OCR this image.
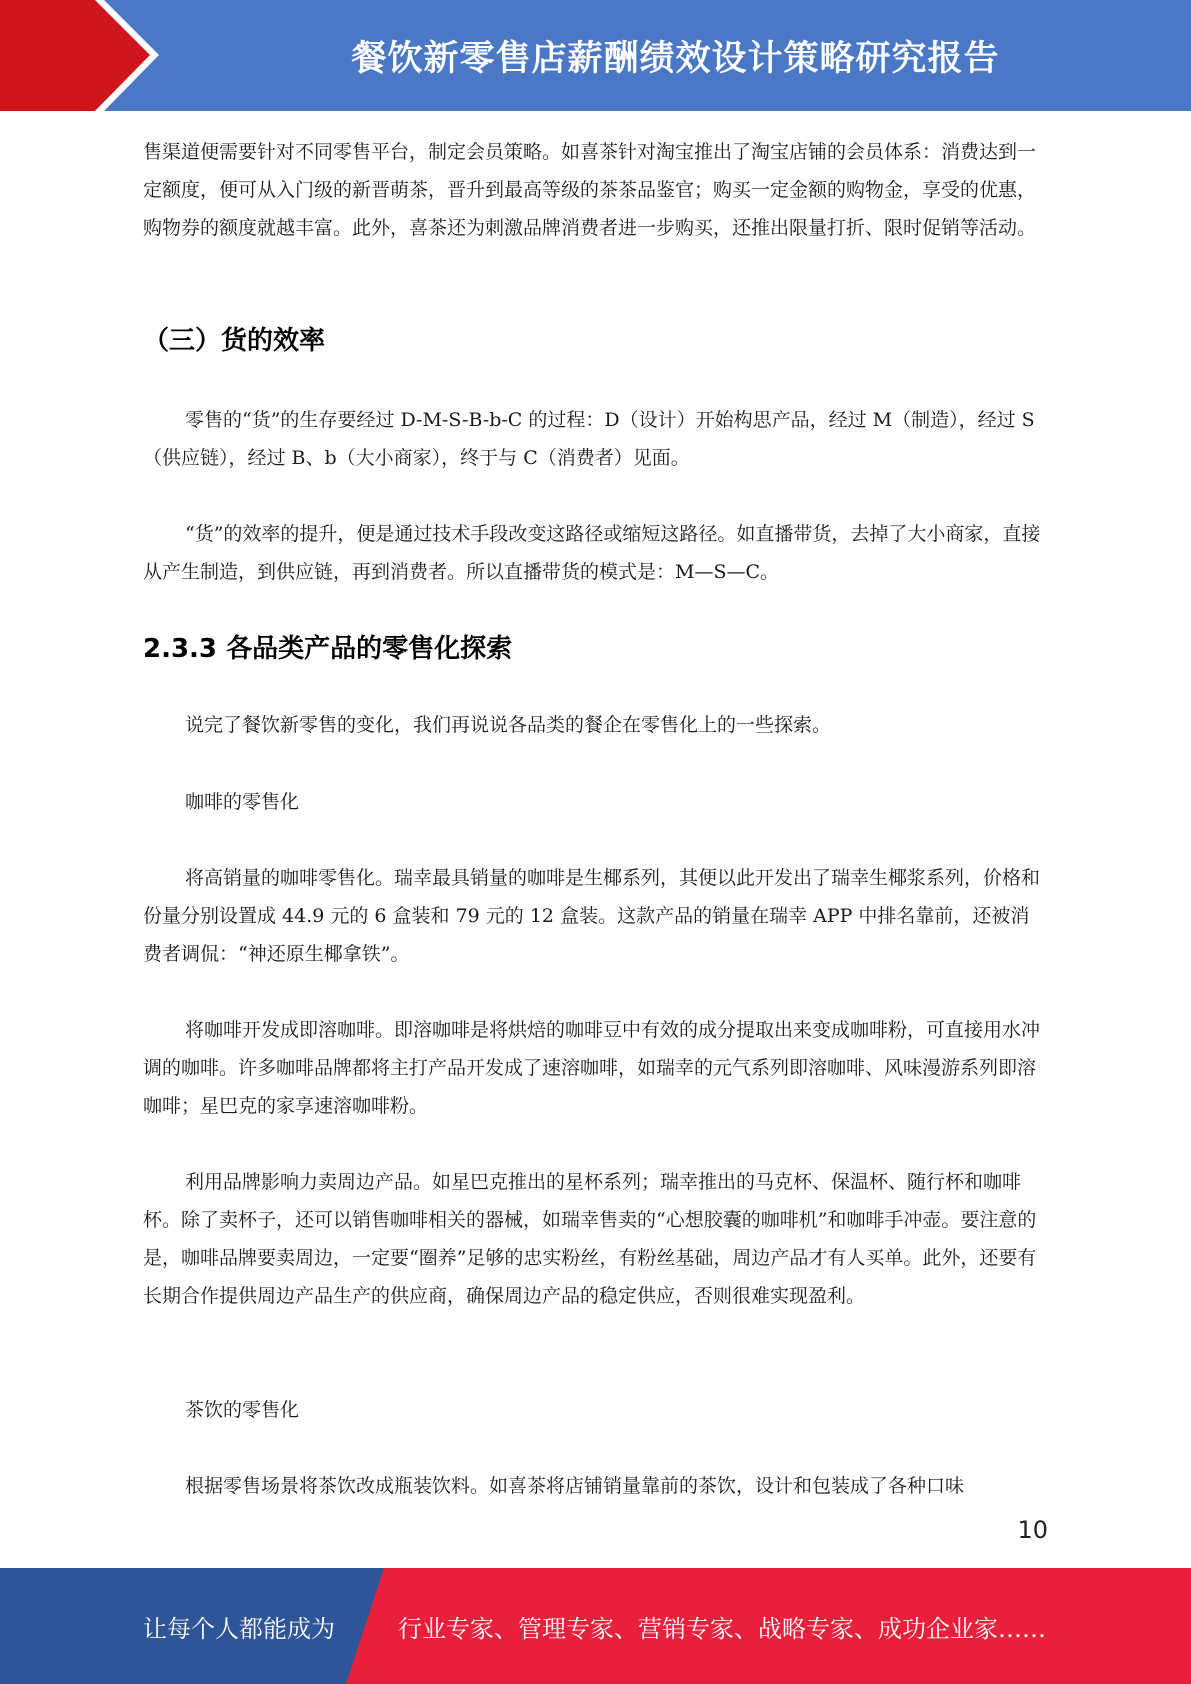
餐饮新零售店薪酬绩效设计策略研究报告

售渠道便需要针对不同零售平台，制定会员策略。如喜茶针对淘宝推出了淘宝店铺的会员体系：消费达到一定额度，便可从入门级的新晋萌茶，晋升到最高等级的茶茶品鉴官；购买一定金额的购物金，享受的优惠，购物券的额度就越丰富。此外，喜茶还为刺激品牌消费者进一步购买，还推出限量打折、限时促销等活动。

（三）货的效率

零售的“货”的生存要经过 D-M-S-B-b-C 的过程：D（设计）开始构思产品，经过 M（制造），经过 S（供应链），经过 B、b（大小商家），终于与 C（消费者）见面。

“货”的效率的提升，便是通过技术手段改变这路径或缩短这路径。如直播带货，去掉了大小商家，直接从产生制造，到供应链，再到消费者。所以直播带货的模式是：M—S—C。

2.3.3 各品类产品的零售化探索

说完了餐饮新零售的变化，我们再说说各品类的餐企在零售化上的一些探索。

咖啡的零售化

将高销量的咖啡零售化。瑞幸最具销量的咖啡是生椰系列，其便以此开发出了瑞幸生椰浆系列，价格和份量分别设置成 44.9 元的 6 盒装和 79 元的 12 盒装。这款产品的销量在瑞幸 APP 中排名靠前，还被消费者调侃：“神还原生椰拿铁”。

将咖啡开发成即溶咖啡。即溶咖啡是将烘焙的咖啡豆中有效的成分提取出来变成咖啡粉，可直接用水冲调的咖啡。许多咖啡品牌都将主打产品开发成了速溶咖啡，如瑞幸的元气系列即溶咖啡、风味漫游系列即溶咖啡；星巴克的家享速溶咖啡粉。

利用品牌影响力卖周边产品。如星巴克推出的星杯系列；瑞幸推出的马克杯、保温杯、随行杯和咖啡杯。除了卖杯子，还可以销售咖啡相关的器械，如瑞幸售卖的“心想胶囊的咖啡机”和咖啡手冲壶。要注意的是，咖啡品牌要卖周边，一定要“圈养”足够的忠实粉丝，有粉丝基础，周边产品才有人买单。此外，还要有长期合作提供周边产品生产的供应商，确保周边产品的稳定供应，否则很难实现盈利。

茶饮的零售化

根据零售场景将茶饮改成瓶装饮料。如喜茶将店铺销量靠前的茶饮，设计和包装成了各种口味

10
让每个人都能成为	行业专家、管理专家、营销专家、战略专家、成功企业家……
